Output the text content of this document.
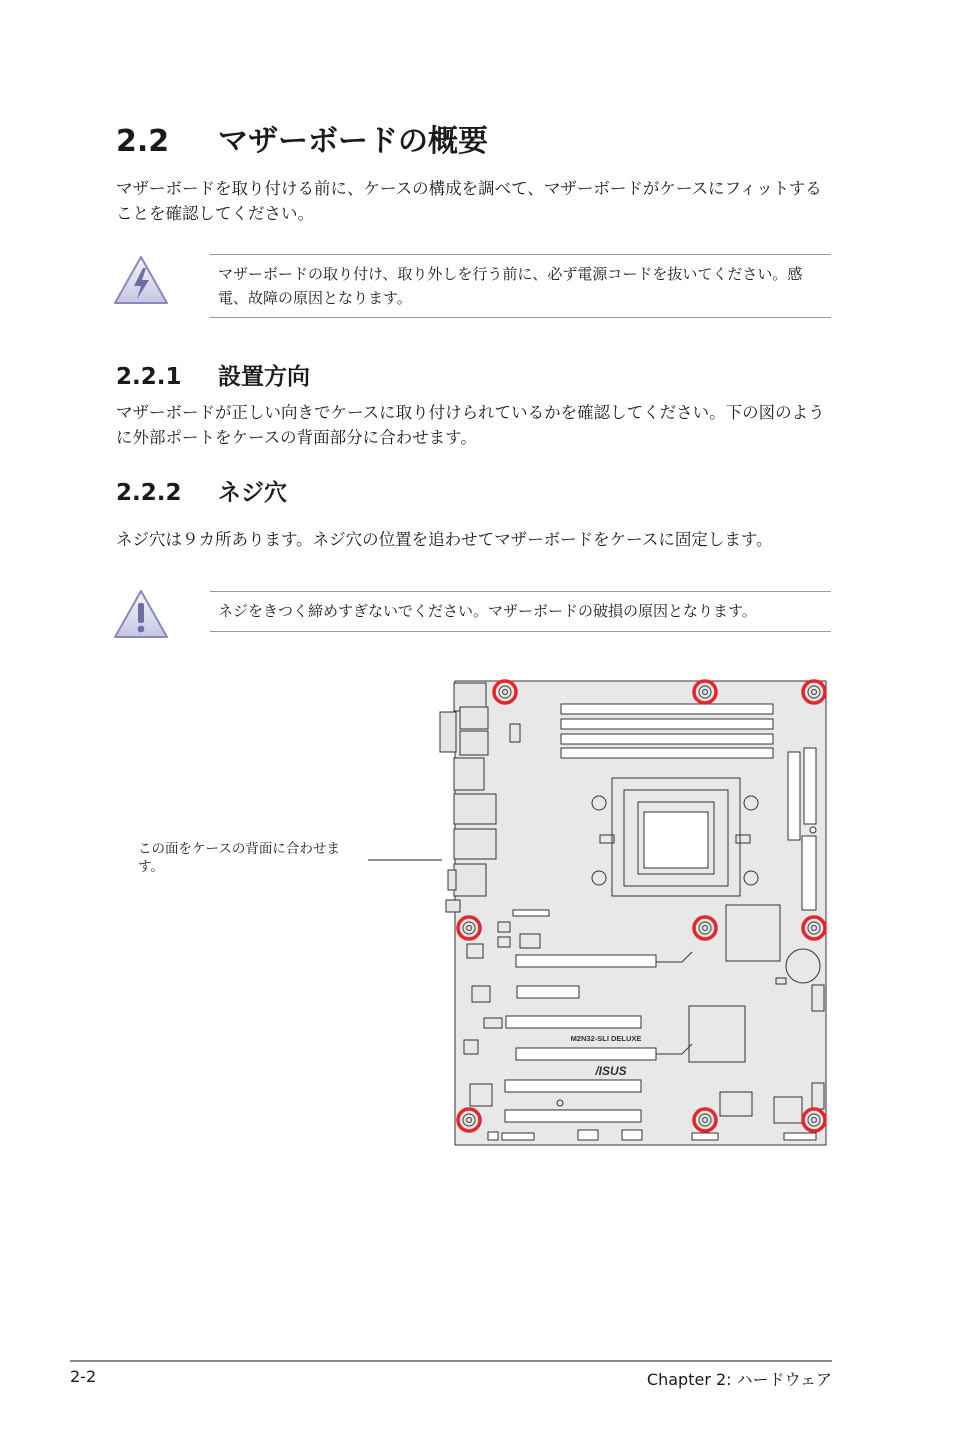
2.2 マザーボードの概要
マザーボードを取り付ける前に、ケースの構成を調べて、マザーボードがケースにフィットすることを確認してください。
マザーボードの取り付け、取り外しを行う前に、必ず電源コードを抜いてください。感電、故障の原因となります。
2.2.1 設置方向
マザーボードが正しい向きでケースに取り付けられているかを確認してください。下の図のように外部ポートをケースの背面部分に合わせます。
2.2.2 ネジ穴
ネジ穴は９カ所あります。ネジ穴の位置を追わせてマザーボードをケースに固定します。
ネジをきつく締めすぎないでください。マザーボードの破損の原因となります。
この面をケースの背面に合わせます。
M2N32-SLI DELUXE
/ISUS
2-2	Chapter 2: ハードウェア
